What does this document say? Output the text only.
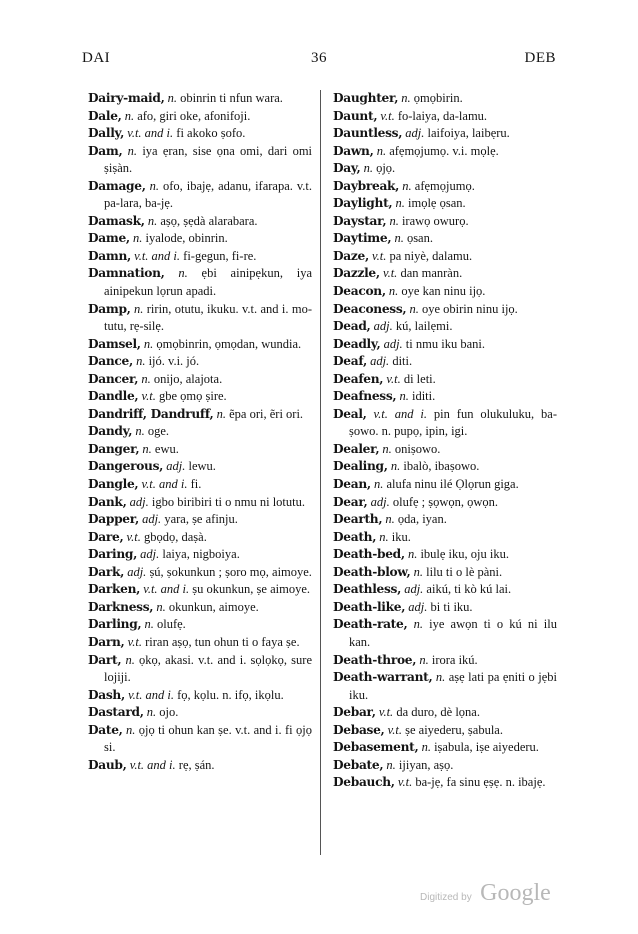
DAI	36	DEB
Dairy-maid, n. obinrin ti nfun wara.
Dale, n. afo, giri oke, afonifoji.
Dally, v.t. and i. fi akoko ṣofo.
Dam, n. iya ẹran, sise ọna omi, dari omi ṣiṣàn.
Damage, n. ofo, ibajẹ, adanu, ifarapa. v.t. pa-lara, ba-jẹ.
Damask, n. aṣọ, ṣẹdà alarabara.
Dame, n. iyalode, obinrin.
Damn, v.t. and i. fi-gegun, fi-re.
Damnation, n. ẹbi ainipẹkun, iya ainipekun lọrun apadi.
Damp, n. ririn, otutu, ikuku. v.t. and i. mo-tutu, rẹ-silẹ.
Damsel, n. ọmọbinrin, ọmọdan, wundia.
Dance, n. ijó. v.i. jó.
Dancer, n. onijo, alajota.
Dandle, v.t. gbe ọmọ ṣire.
Dandriff, Dandruff, n. ẽpa ori, ẽri ori.
Dandy, n. oge.
Danger, n. ewu.
Dangerous, adj. lewu.
Dangle, v.t. and i. fi.
Dank, adj. igbo biribiri ti o nmu ni lotutu.
Dapper, adj. yara, ṣe afinju.
Dare, v.t. gbọdọ, daṣà.
Daring, adj. laiya, nigboiya.
Dark, adj. ṣú, ṣokunkun ; ṣoro mọ, aimoye.
Darken, v.t. and i. ṣu okunkun, ṣe aimoye.
Darkness, n. okunkun, aimoye.
Darling, n. olufẹ.
Darn, v.t. riran aṣọ, tun ohun ti o faya ṣe.
Dart, n. ọkọ, akasi. v.t. and i. sọlọkọ, sure lojiji.
Dash, v.t. and i. fọ, kọlu. n. ifọ, ikọlu.
Dastard, n. ojo.
Date, n. ọjọ ti ohun kan ṣe. v.t. and i. fi ọjọ si.
Daub, v.t. and i. rẹ, ṣán.
Daughter, n. ọmọbirin.
Daunt, v.t. fo-laiya, da-lamu.
Dauntless, adj. laifoiya, laibẹru.
Dawn, n. afẹmọjumọ. v.i. mọlẹ.
Day, n. ọjọ.
Daybreak, n. afẹmọjumọ.
Daylight, n. imọlẹ ọsan.
Daystar, n. irawọ owurọ.
Daytime, n. ọsan.
Daze, v.t. pa niyè, dalamu.
Dazzle, v.t. dan manràn.
Deacon, n. oye kan ninu ijọ.
Deaconess, n. oye obirin ninu ijọ.
Dead, adj. kú, lailẹmi.
Deadly, adj. ti nmu iku bani.
Deaf, adj. diti.
Deafen, v.t. di leti.
Deafness, n. iditi.
Deal, v.t. and i. pin fun olukuluku, ba-ṣowo. n. pupọ, ipin, igi.
Dealer, n. oniṣowo.
Dealing, n. ibalò, ibaṣowo.
Dean, n. alufa ninu ilé Ọlọrun giga.
Dear, adj. olufẹ ; ṣọwọn, ọwọn.
Dearth, n. ọda, iyan.
Death, n. iku.
Death-bed, n. ibulẹ iku, oju iku.
Death-blow, n. lilu ti o lè pàni.
Deathless, adj. aikú, ti kò kú lai.
Death-like, adj. bi ti iku.
Death-rate, n. iye awọn ti o kú ni ilu kan.
Death-throe, n. irora ikú.
Death-warrant, n. aṣẹ lati pa ẹniti o jẹbi iku.
Debar, v.t. da duro, dè lọna.
Debase, v.t. ṣe aiyederu, ṣabula.
Debasement, n. iṣabula, iṣe aiyederu.
Debate, n. ijiyan, aṣọ.
Debauch, v.t. ba-jẹ, fa sinu ẹṣẹ. n. ibajẹ.
Digitized by Google
